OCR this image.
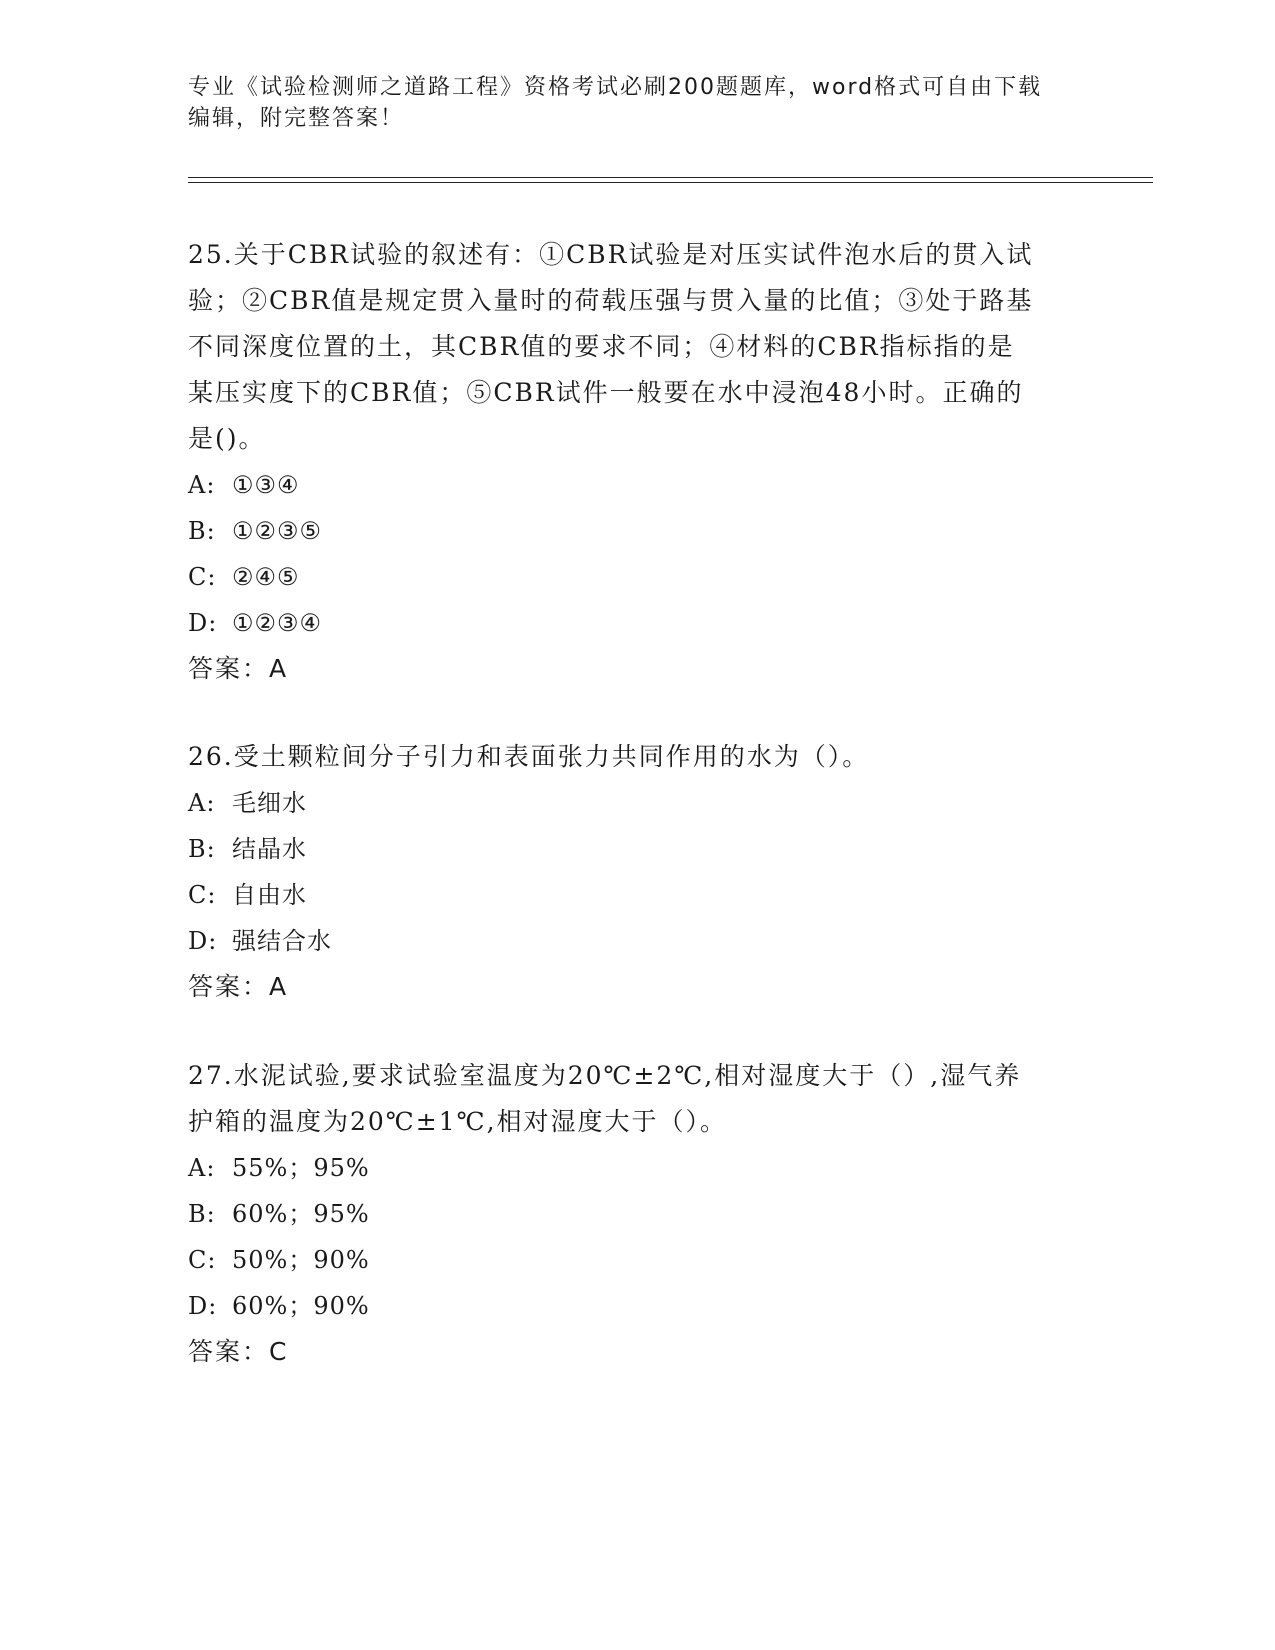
专业《试验检测师之道路工程》资格考试必刷200题题库，word格式可自由下载
编辑，附完整答案！
25.关于CBR试验的叙述有：①CBR试验是对压实试件泡水后的贯入试
验；②CBR值是规定贯入量时的荷载压强与贯入量的比值；③处于路基
不同深度位置的土，其CBR值的要求不同；④材料的CBR指标指的是
某压实度下的CBR值；⑤CBR试件一般要在水中浸泡48小时。正确的
是()。
A: ①③④
B: ①②③⑤
C: ②④⑤
D: ①②③④
答案：A
26.受土颗粒间分子引力和表面张力共同作用的水为（）。
A: 毛细水
B: 结晶水
C: 自由水
D: 强结合水
答案：A
27.水泥试验,要求试验室温度为20℃±2℃,相对湿度大于（）,湿气养
护箱的温度为20℃±1℃,相对湿度大于（）。
A: 55%；95%
B: 60%；95%
C: 50%；90%
D: 60%；90%
答案：C
